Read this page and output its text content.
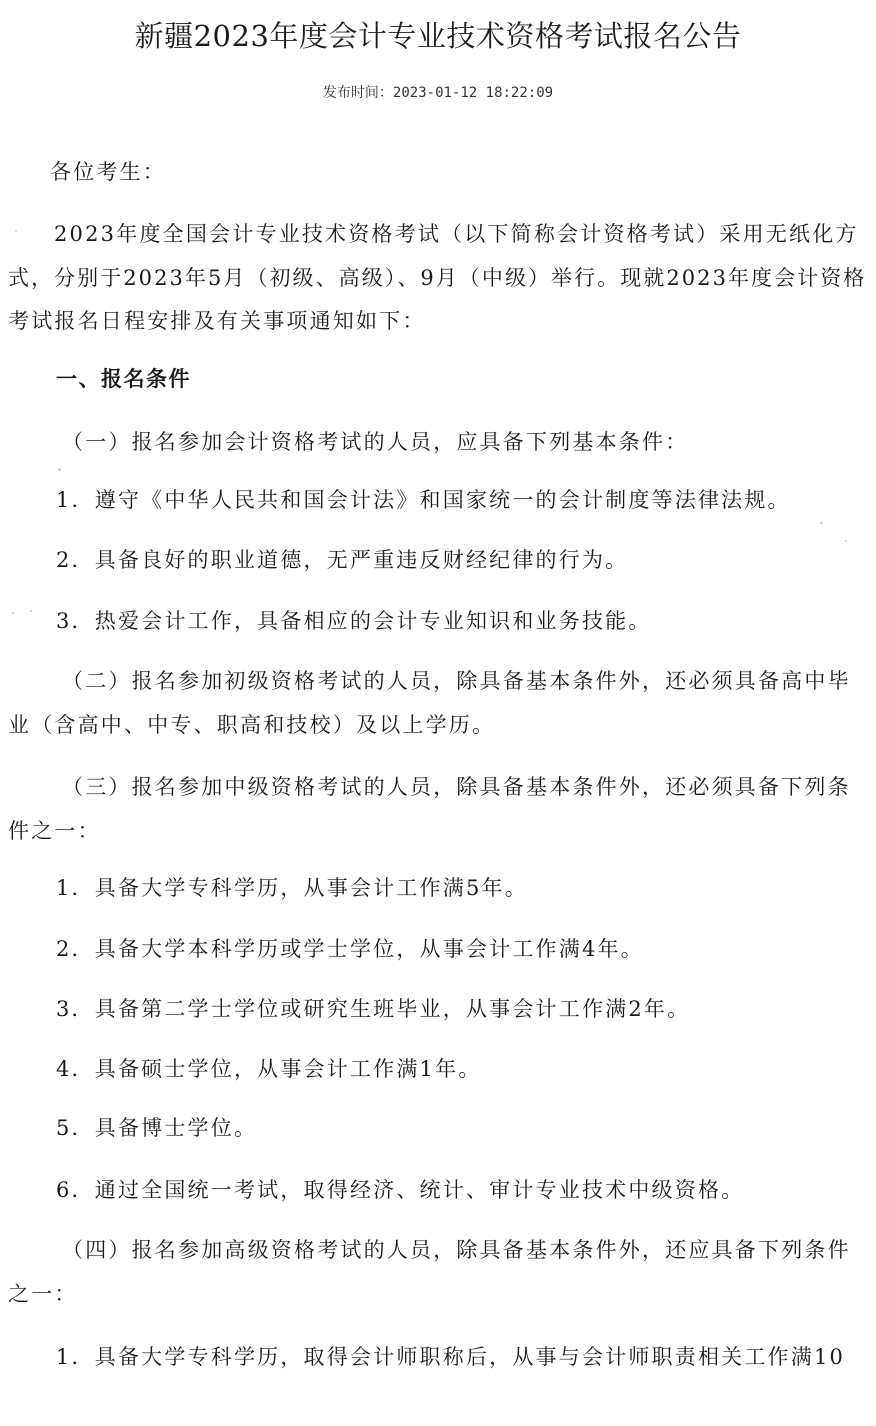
新疆2023年度会计专业技术资格考试报名公告
发布时间：2023-01-12 18:22:09
各位考生：
2023年度全国会计专业技术资格考试（以下简称会计资格考试）采用无纸化方
式，分别于2023年5月（初级、高级）、9月（中级）举行。现就2023年度会计资格
考试报名日程安排及有关事项通知如下：
一、报名条件
（一）报名参加会计资格考试的人员，应具备下列基本条件：
1．遵守《中华人民共和国会计法》和国家统一的会计制度等法律法规。
2．具备良好的职业道德，无严重违反财经纪律的行为。
3．热爱会计工作，具备相应的会计专业知识和业务技能。
（二）报名参加初级资格考试的人员，除具备基本条件外，还必须具备高中毕
业（含高中、中专、职高和技校）及以上学历。
（三）报名参加中级资格考试的人员，除具备基本条件外，还必须具备下列条
件之一：
1．具备大学专科学历，从事会计工作满5年。
2．具备大学本科学历或学士学位，从事会计工作满4年。
3．具备第二学士学位或研究生班毕业，从事会计工作满2年。
4．具备硕士学位，从事会计工作满1年。
5．具备博士学位。
6．通过全国统一考试，取得经济、统计、审计专业技术中级资格。
（四）报名参加高级资格考试的人员，除具备基本条件外，还应具备下列条件
之一：
1．具备大学专科学历，取得会计师职称后，从事与会计师职责相关工作满10
